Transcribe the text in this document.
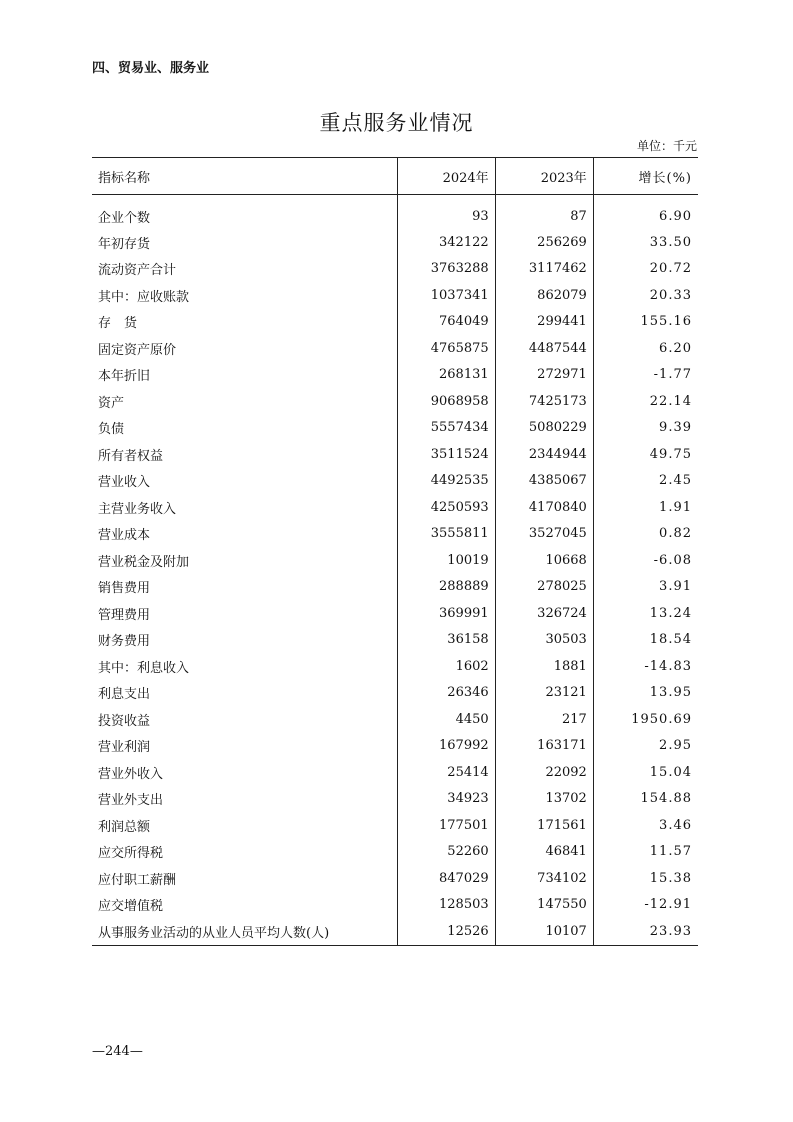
四、贸易业、服务业
重点服务业情况
单位：千元
指标名称	2024年	2023年	增长(%)
企业个数	93	87	6.90
年初存货	342122	256269	33.50
流动资产合计	3763288	3117462	20.72
其中：应收账款	1037341	862079	20.33
存　货	764049	299441	155.16
固定资产原价	4765875	4487544	6.20
本年折旧	268131	272971	-1.77
资产	9068958	7425173	22.14
负债	5557434	5080229	9.39
所有者权益	3511524	2344944	49.75
营业收入	4492535	4385067	2.45
主营业务收入	4250593	4170840	1.91
营业成本	3555811	3527045	0.82
营业税金及附加	10019	10668	-6.08
销售费用	288889	278025	3.91
管理费用	369991	326724	13.24
财务费用	36158	30503	18.54
其中：利息收入	1602	1881	-14.83
利息支出	26346	23121	13.95
投资收益	4450	217	1950.69
营业利润	167992	163171	2.95
营业外收入	25414	22092	15.04
营业外支出	34923	13702	154.88
利润总额	177501	171561	3.46
应交所得税	52260	46841	11.57
应付职工薪酬	847029	734102	15.38
应交增值税	128503	147550	-12.91
从事服务业活动的从业人员平均人数(人)	12526	10107	23.93
—244—
